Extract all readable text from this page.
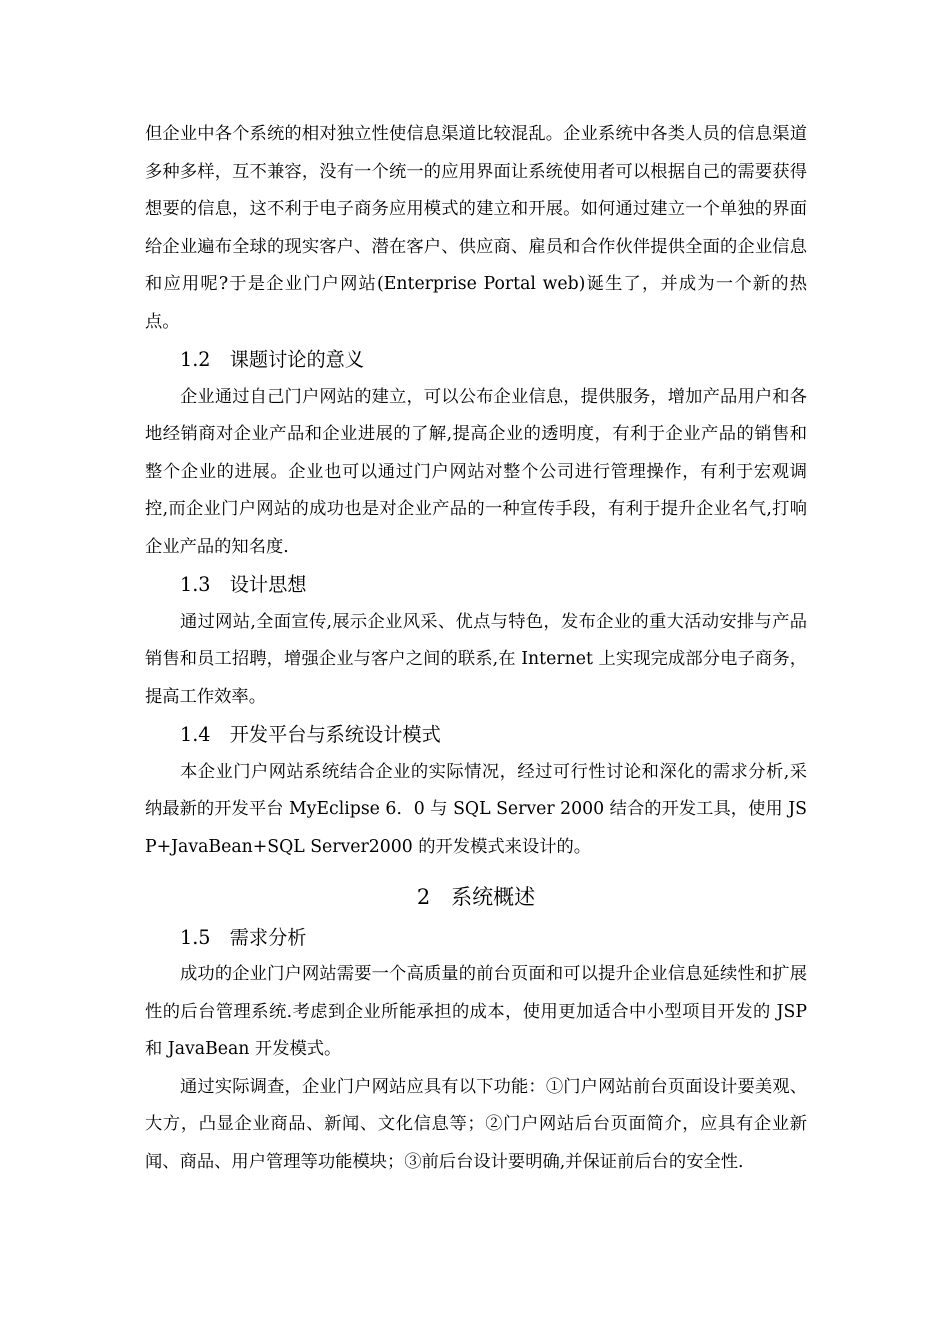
但企业中各个系统的相对独立性使信息渠道比较混乱。企业系统中各类人员的信息渠道多种多样，互不兼容，没有一个统一的应用界面让系统使用者可以根据自己的需要获得想要的信息，这不利于电子商务应用模式的建立和开展。如何通过建立一个单独的界面给企业遍布全球的现实客户、潜在客户、供应商、雇员和合作伙伴提供全面的企业信息和应用呢?于是企业门户网站(Enterprise Portal web)诞生了，并成为一个新的热点。

1.2　课题讨论的意义

企业通过自己门户网站的建立，可以公布企业信息，提供服务，增加产品用户和各地经销商对企业产品和企业进展的了解,提高企业的透明度，有利于企业产品的销售和整个企业的进展。企业也可以通过门户网站对整个公司进行管理操作，有利于宏观调控,而企业门户网站的成功也是对企业产品的一种宣传手段，有利于提升企业名气,打响企业产品的知名度.

1.3　设计思想

通过网站,全面宣传,展示企业风采、优点与特色，发布企业的重大活动安排与产品销售和员工招聘，增强企业与客户之间的联系,在 Internet 上实现完成部分电子商务，提高工作效率。

1.4　开发平台与系统设计模式

本企业门户网站系统结合企业的实际情况，经过可行性讨论和深化的需求分析,采纳最新的开发平台 MyEclipse 6．0 与 SQL Server 2000 结合的开发工具，使用 JSP+JavaBean+SQL Server2000 的开发模式来设计的。

2　系统概述

1.5　需求分析

成功的企业门户网站需要一个高质量的前台页面和可以提升企业信息延续性和扩展性的后台管理系统.考虑到企业所能承担的成本，使用更加适合中小型项目开发的 JSP 和 JavaBean 开发模式。

通过实际调查，企业门户网站应具有以下功能：①门户网站前台页面设计要美观、大方，凸显企业商品、新闻、文化信息等；②门户网站后台页面简介，应具有企业新闻、商品、用户管理等功能模块；③前后台设计要明确,并保证前后台的安全性.
